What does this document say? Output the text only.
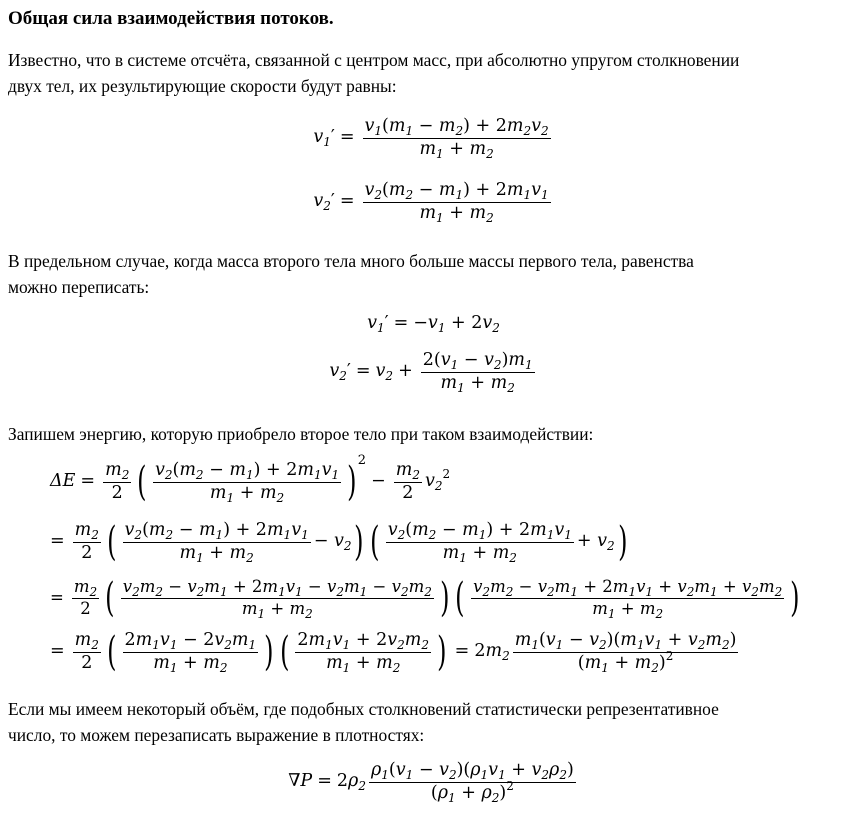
Общая сила взаимодействия потоков.
Известно, что в системе отсчёта, связанной с центром масс, при абсолютно упругом столкновении
двух тел, их результирующие скорости будут равны:
$v_1' = \frac{v_1(m_1 - m_2) + 2m_2v_2}{m_1 + m_2}$
$v_2' = \frac{v_2(m_2 - m_1) + 2m_1v_1}{m_1 + m_2}$
В предельном случае, когда масса второго тела много больше массы первого тела, равенства
можно переписать:
$v_1' = -v_1 + 2v_2$
$v_2' = v_2 + \frac{2(v_1 - v_2)m_1}{m_1 + m_2}$
Запишем энергию, которую приобрело второе тело при таком взаимодействии:
$\Delta E = \frac{m_2}{2}$ ( $\frac{v_2(m_2 - m_1) + 2m_1v_1}{m_1 + m_2}$ ) 2
− $\frac{m_2}{2} v_2^2$
= $\frac{m_2}{2}$ ( $\frac{v_2(m_2 - m_1) + 2m_1v_1}{m_1 + m_2} - v_2$ ) ( $\frac{v_2(m_2 - m_1) + 2m_1v_1}{m_1 + m_2} + v_2$ )
= $\frac{m_2}{2}$ ( $\frac{v_2m_2 - v_2m_1 + 2m_1v_1 - v_2m_1 - v_2m_2}{m_1 + m_2}$ ) ( $\frac{v_2m_2 - v_2m_1 + 2m_1v_1 + v_2m_1 + v_2m_2}{m_1 + m_2}$ )
= $\frac{m_2}{2}$ ( $\frac{2m_1v_1 - 2v_2m_1}{m_1 + m_2}$ ) ( $\frac{2m_1v_1 + 2v_2m_2}{m_1 + m_2}$ ) = $2m_2 \frac{m_1(v_1 - v_2)(m_1v_1 + v_2m_2)}{(m_1 + m_2)^2}$
Если мы имеем некоторый объём, где подобных столкновений статистически репрезентативное
число, то можем перезаписать выражение в плотностях:
$\nabla P = 2\rho_2 \frac{\rho_1(v_1 - v_2)(\rho_1v_1 + v_2\rho_2)}{(\rho_1 + \rho_2)^2}$
